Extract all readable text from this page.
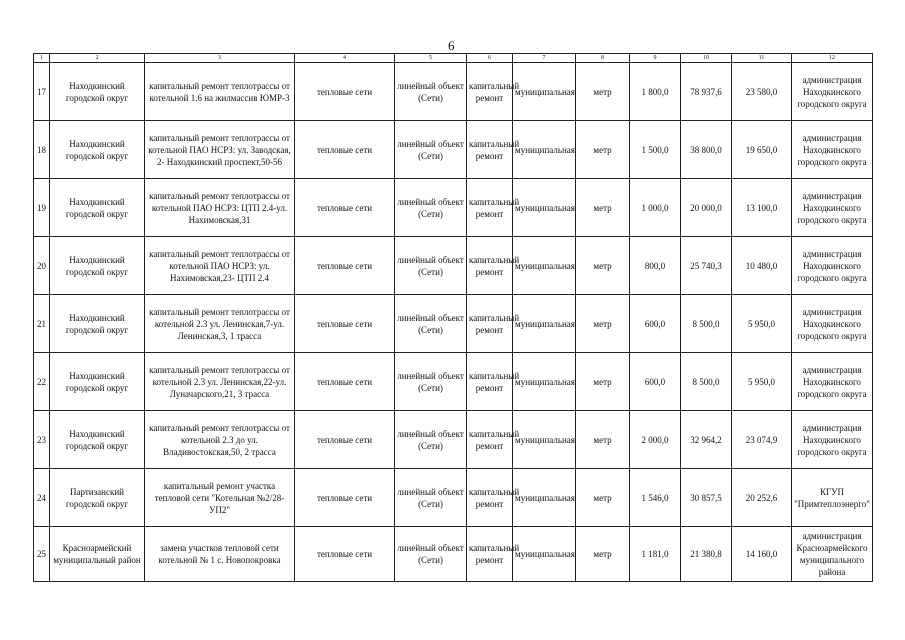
6
1	2	3	4	5	6	7	8	9	10	11	12
17	Находкинский городской округ	капитальный ремонт теплотрассы от котельной 1.6 на жилмассив ЮМР-3	тепловые сети	линейный объект (Сети)	капитальный ремонт	муниципальная	метр	1 800,0	78 937,6	23 580,0	администрация Находкинского городского округа
18	Находкинский городской округ	капитальный ремонт теплотрассы от котельной ПАО НСРЗ: ул. Заводская, 2- Находкинский проспект,50-56	тепловые сети	линейный объект (Сети)	капитальный ремонт	муниципальная	метр	1 500,0	38 800,0	19 650,0	администрация Находкинского городского округа
19	Находкинский городской округ	капитальный ремонт теплотрассы от котельной ПАО НСРЗ: ЦТП 2.4-ул. Нахимовская,31	тепловые сети	линейный объект (Сети)	капитальный ремонт	муниципальная	метр	1 000,0	20 000,0	13 100,0	администрация Находкинского городского округа
20	Находкинский городской округ	капитальный ремонт теплотрассы от котельной ПАО НСРЗ: ул. Нахимовская,23- ЦТП 2.4	тепловые сети	линейный объект (Сети)	капитальный ремонт	муниципальная	метр	800,0	25 740,3	10 480,0	администрация Находкинского городского округа
21	Находкинский городской округ	капитальный ремонт теплотрассы от котельной 2.3 ул. Ленинская,7-ул. Ленинская,3, 1 трасса	тепловые сети	линейный объект (Сети)	капитальный ремонт	муниципальная	метр	600,0	8 500,0	5 950,0	администрация Находкинского городского округа
22	Находкинский городской округ	капитальный ремонт теплотрассы от котельной 2.3 ул. Ленинская,22-ул. Луначарского,21, 3 трасса	тепловые сети	линейный объект (Сети)	капитальный ремонт	муниципальная	метр	600,0	8 500,0	5 950,0	администрация Находкинского городского округа
23	Находкинский городской округ	капитальный ремонт теплотрассы от котельной 2.3 до ул. Владивостокская,50, 2 трасса	тепловые сети	линейный объект (Сети)	капитальный ремонт	муниципальная	метр	2 000,0	32 964,2	23 074,9	администрация Находкинского городского округа
24	Партизанский городской округ	капитальный ремонт участка тепловой сети "Котельная №2/28-УП2"	тепловые сети	линейный объект (Сети)	капитальный ремонт	муниципальная	метр	1 546,0	30 857,5	20 252,6	КГУП "Примтеплоэнерго"
25	Красноармейский муниципальный район	замена участков тепловой сети котельной № 1 с. Новопокровка	тепловые сети	линейный объект (Сети)	капитальный ремонт	муниципальная	метр	1 181,0	21 380,8	14 160,0	администрация Красноармейского муниципального района
